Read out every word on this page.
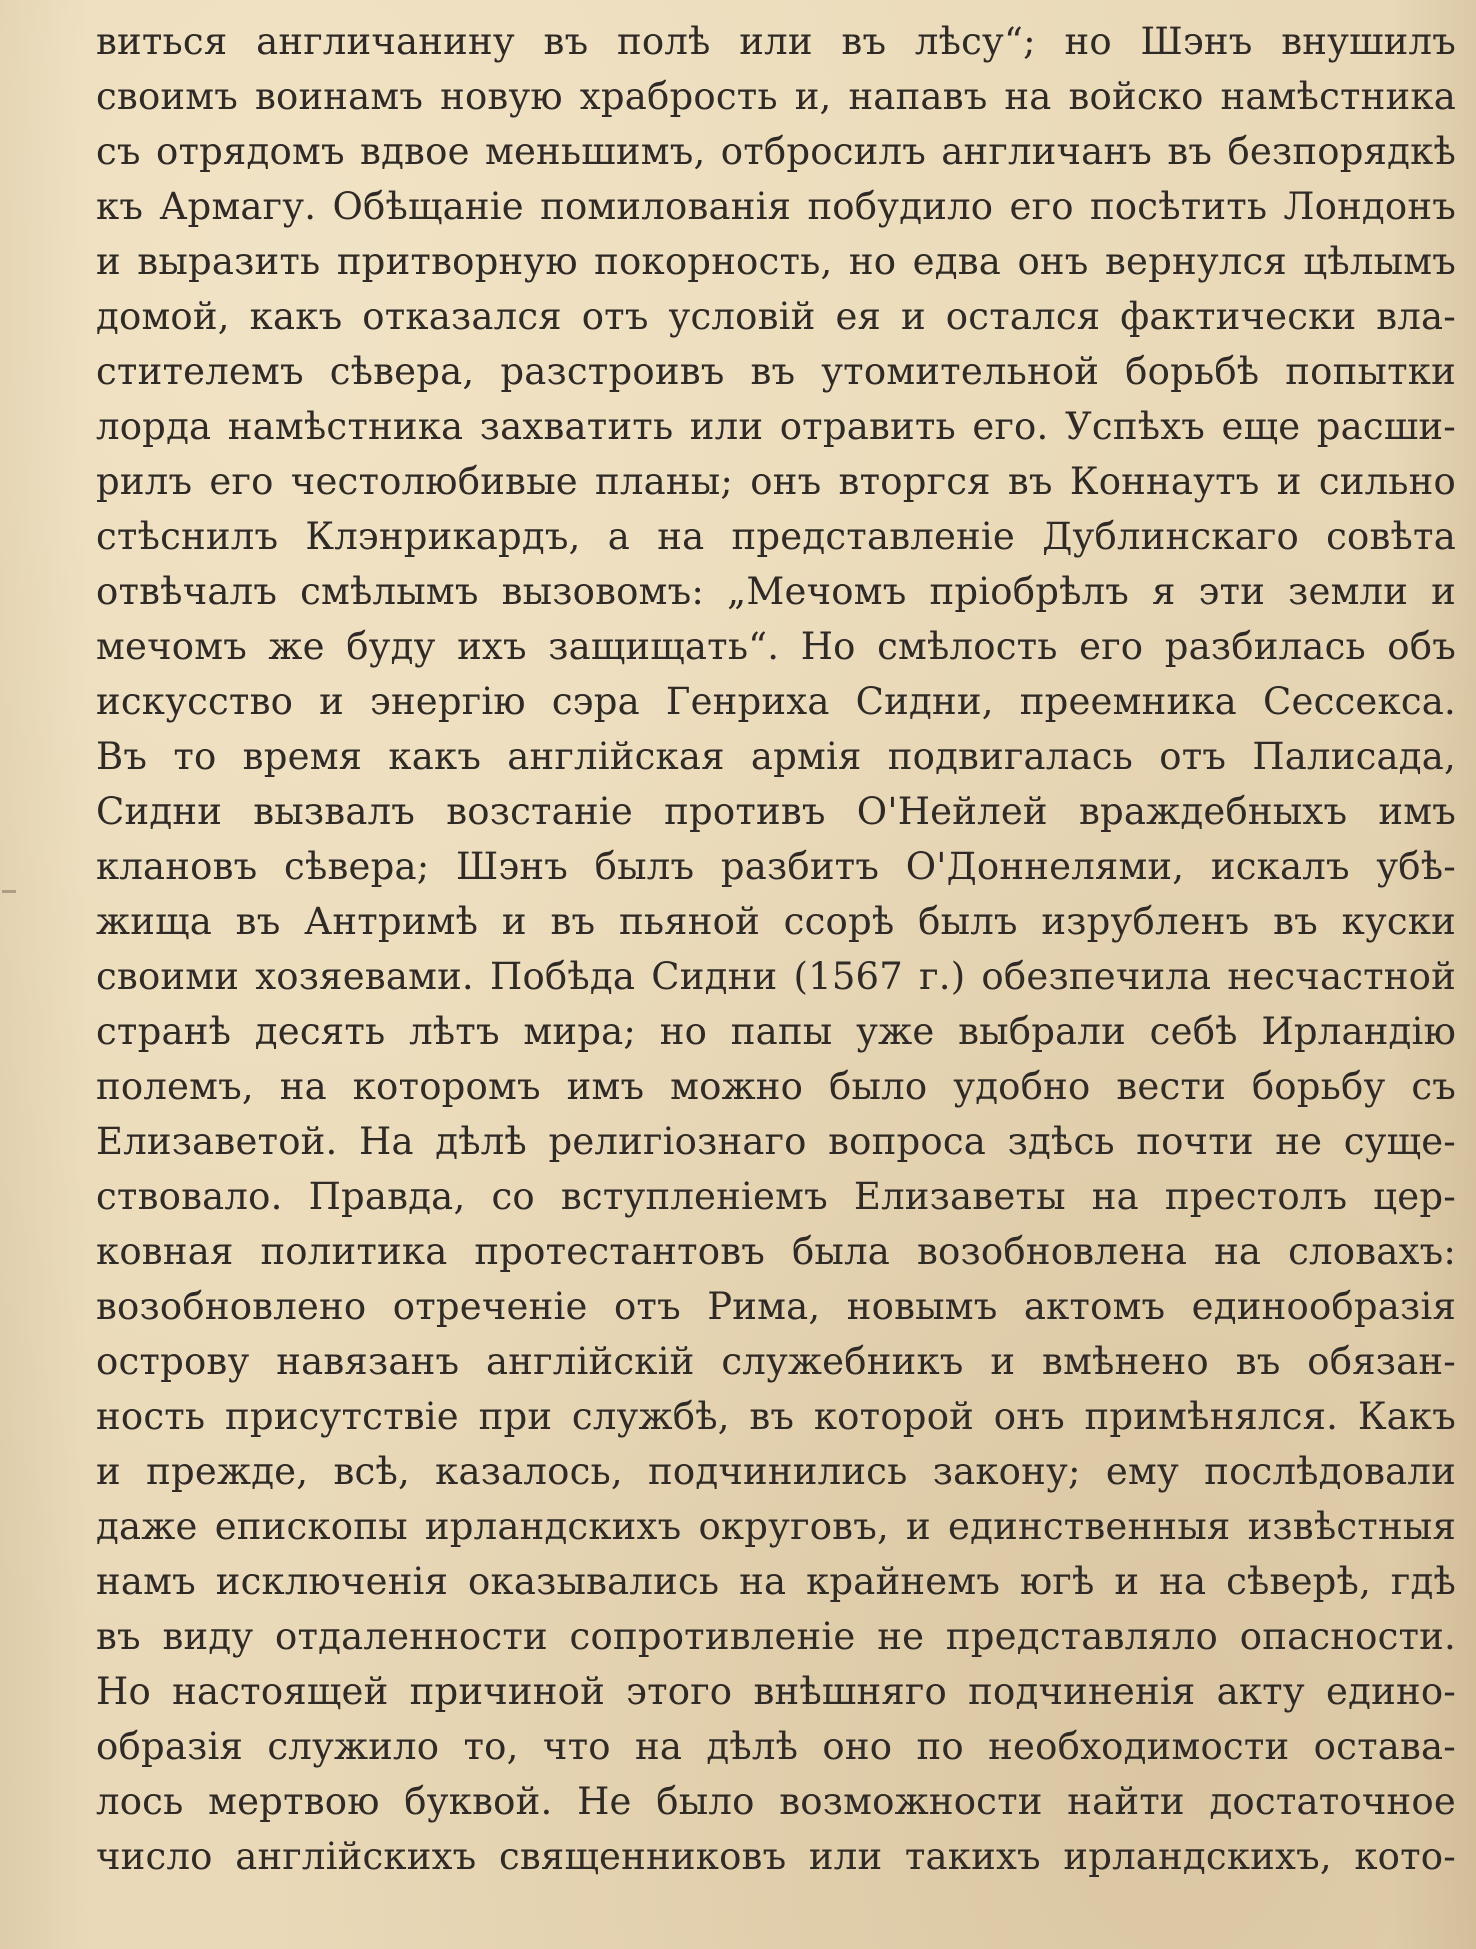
виться англичанину въ полѣ или въ лѣсу“; но Шэнъ внушилъ
своимъ воинамъ новую храбрость и, напавъ на войско намѣстника
съ отрядомъ вдвое меньшимъ, отбросилъ англичанъ въ безпорядкѣ
къ Армагу. Обѣщаніе помилованія побудило его посѣтить Лондонъ
и выразить притворную покорность, но едва онъ вернулся цѣлымъ
домой, какъ отказался отъ условій ея и остался фактически вла-
стителемъ сѣвера, разстроивъ въ утомительной борьбѣ попытки
лорда намѣстника захватить или отравить его. Успѣхъ еще расши-
рилъ его честолюбивые планы; онъ вторгся въ Коннаутъ и сильно
стѣснилъ Клэнрикардъ, а на представленіе Дублинскаго совѣта
отвѣчалъ смѣлымъ вызовомъ: „Мечомъ пріобрѣлъ я эти земли и
мечомъ же буду ихъ защищать“. Но смѣлость его разбилась объ
искусство и энергію сэра Генриха Сидни, преемника Сессекса.
Въ то время какъ англійская армія подвигалась отъ Палисада,
Сидни вызвалъ возстаніе противъ О'Нейлей враждебныхъ имъ
клановъ сѣвера; Шэнъ былъ разбитъ О'Доннелями, искалъ убѣ-
жища въ Антримѣ и въ пьяной ссорѣ былъ изрубленъ въ куски
своими хозяевами. Побѣда Сидни (1567 г.) обезпечила несчастной
странѣ десять лѣтъ мира; но папы уже выбрали себѣ Ирландію
полемъ, на которомъ имъ можно было удобно вести борьбу съ
Елизаветой. На дѣлѣ религіознаго вопроса здѣсь почти не суще-
ствовало. Правда, со вступленіемъ Елизаветы на престолъ цер-
ковная политика протестантовъ была возобновлена на словахъ:
возобновлено отреченіе отъ Рима, новымъ актомъ единообразія
острову навязанъ англійскій служебникъ и вмѣнено въ обязан-
ность присутствіе при службѣ, въ которой онъ примѣнялся. Какъ
и прежде, всѣ, казалось, подчинились закону; ему послѣдовали
даже епископы ирландскихъ округовъ, и единственныя извѣстныя
намъ исключенія оказывались на крайнемъ югѣ и на сѣверѣ, гдѣ
въ виду отдаленности сопротивленіе не представляло опасности.
Но настоящей причиной этого внѣшняго подчиненія акту едино-
образія служило то, что на дѣлѣ оно по необходимости остава-
лось мертвою буквой. Не было возможности найти достаточное
число англійскихъ священниковъ или такихъ ирландскихъ, кото-
